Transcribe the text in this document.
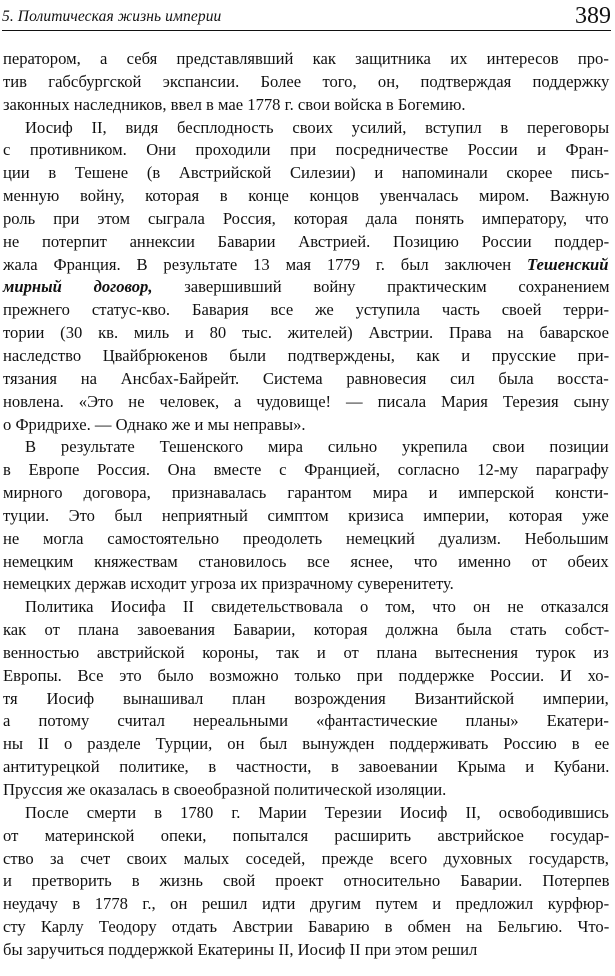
5. Политическая жизнь империи	389

ператором, а себя представлявший как защитника их интересов про-
тив габсбургской экспансии. Более того, он, подтверждая поддержку
законных наследников, ввел в мае 1778 г. свои войска в Богемию.

Иосиф II, видя бесплодность своих усилий, вступил в переговоры
с противником. Они проходили при посредничестве России и Фран-
ции в Тешене (в Австрийской Силезии) и напоминали скорее пись-
менную войну, которая в конце концов увенчалась миром. Важную
роль при этом сыграла Россия, которая дала понять императору, что
не потерпит аннексии Баварии Австрией. Позицию России поддер-
жала Франция. В результате 13 мая 1779 г. был заключен Тешенский
мирный договор, завершивший войну практическим сохранением
прежнего статус-кво. Бавария все же уступила часть своей терри-
тории (30 кв. миль и 80 тыс. жителей) Австрии. Права на баварское
наследство Цвайбрюкенов были подтверждены, как и прусские при-
тязания на Ансбах-Байрейт. Система равновесия сил была восста-
новлена. «Это не человек, а чудовище! — писала Мария Терезия сыну
о Фридрихе. — Однако же и мы неправы».

В результате Тешенского мира сильно укрепила свои позиции
в Европе Россия. Она вместе с Францией, согласно 12-му параграфу
мирного договора, признавалась гарантом мира и имперской консти-
туции. Это был неприятный симптом кризиса империи, которая уже
не могла самостоятельно преодолеть немецкий дуализм. Небольшим
немецким княжествам становилось все яснее, что именно от обеих
немецких держав исходит угроза их призрачному суверенитету.

Политика Иосифа II свидетельствовала о том, что он не отказался
как от плана завоевания Баварии, которая должна была стать собст-
венностью австрийской короны, так и от плана вытеснения турок из
Европы. Все это было возможно только при поддержке России. И хо-
тя Иосиф вынашивал план возрождения Византийской империи,
а потому считал нереальными «фантастические планы» Екатери-
ны II о разделе Турции, он был вынужден поддерживать Россию в ее
антитурецкой политике, в частности, в завоевании Крыма и Кубани.
Пруссия же оказалась в своеобразной политической изоляции.

После смерти в 1780 г. Марии Терезии Иосиф II, освободившись
от материнской опеки, попытался расширить австрийское государ-
ство за счет своих малых соседей, прежде всего духовных государств,
и претворить в жизнь свой проект относительно Баварии. Потерпев
неудачу в 1778 г., он решил идти другим путем и предложил курфюр-
сту Карлу Теодору отдать Австрии Баварию в обмен на Бельгию. Что-
бы заручиться поддержкой Екатерины II, Иосиф II при этом решил
